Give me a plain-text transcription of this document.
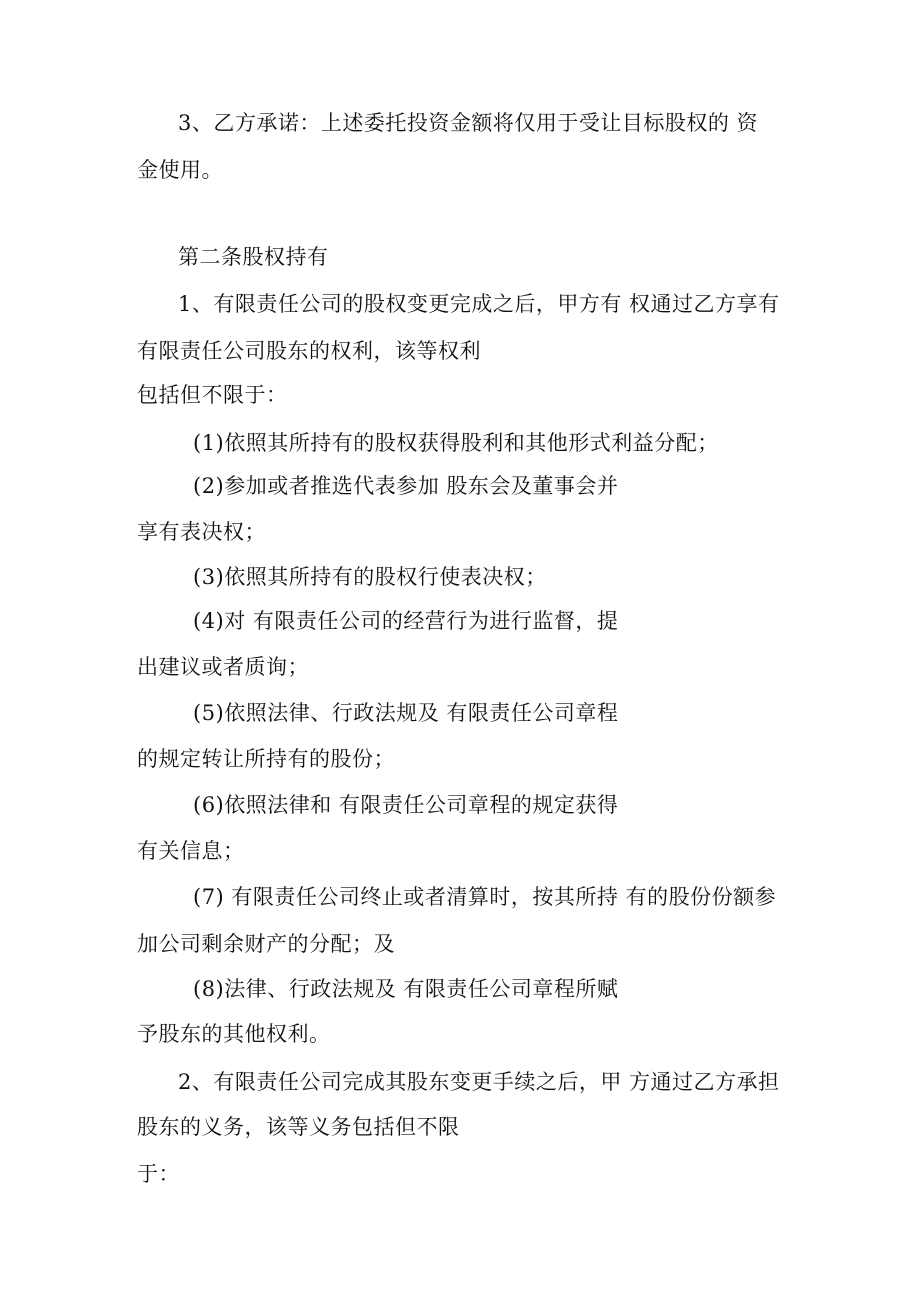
3、乙方承诺：上述委托投资金额将仅用于受让目标股权的 资
金使用。
第二条股权持有
1、有限责任公司的股权变更完成之后，甲方有 权通过乙方享有
有限责任公司股东的权利，该等权利
包括但不限于：
(1)依照其所持有的股权获得股利和其他形式利益分配；
(2)参加或者推选代表参加 股东会及董事会并
享有表决权；
(3)依照其所持有的股权行使表决权；
(4)对 有限责任公司的经营行为进行监督，提
出建议或者质询；
(5)依照法律、行政法规及 有限责任公司章程
的规定转让所持有的股份；
(6)依照法律和 有限责任公司章程的规定获得
有关信息；
(7) 有限责任公司终止或者清算时，按其所持 有的股份份额参
加公司剩余财产的分配；及
(8)法律、行政法规及 有限责任公司章程所赋
予股东的其他权利。
2、有限责任公司完成其股东变更手续之后，甲 方通过乙方承担
股东的义务，该等义务包括但不限
于：
